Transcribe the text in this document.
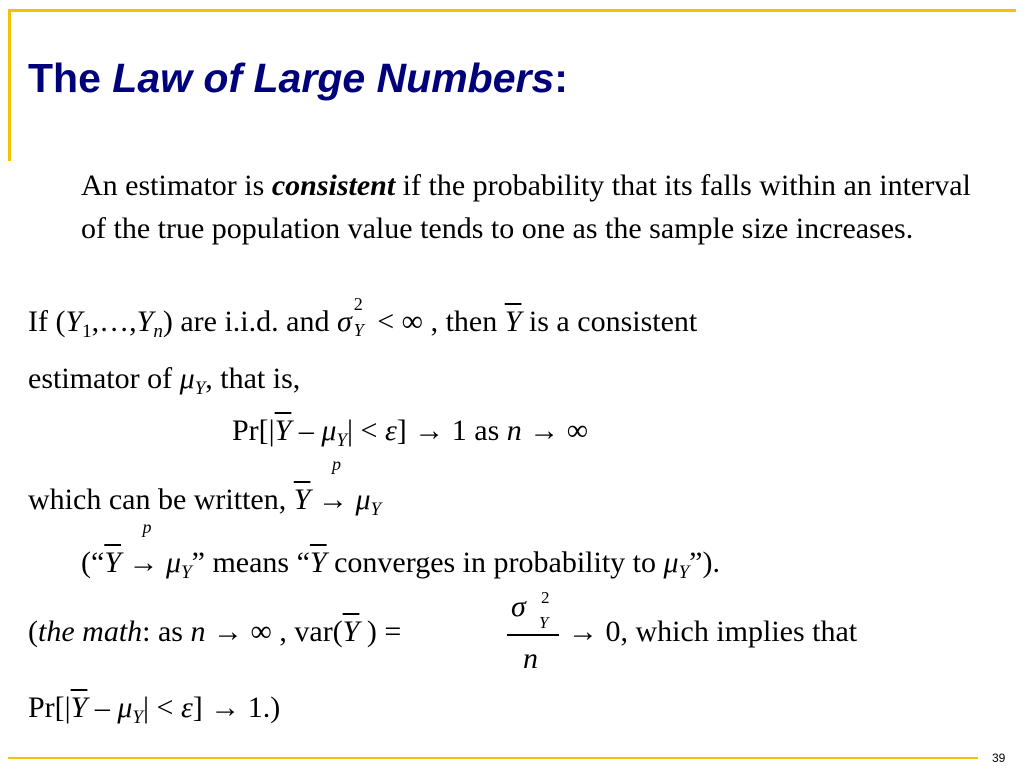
The Law of Large Numbers:
An estimator is consistent if the probability that its falls within an interval of the true population value tends to one as the sample size increases.
If $(Y_1,\dots,Y_n)$ are i.i.d. and σ
2
Y < ∞ , then $\overline{Y}$ is a consistent
estimator of $\mu_Y$, that is,
$Pr[|\overline{Y} - \mu_Y| < \varepsilon] \to 1$ as n → ∞
which can be written, $\overline{Y}$
p
→ $\mu_Y$
(“$\overline{Y}$
p
→ $\mu_Y$” means “$\overline{Y}$ converges in probability to $\mu_Y$”).
(the math: as n → ∞ , $var(\overline{Y}$ ) =
σ 2
Y
n
→ 0, which implies that
$Pr[|\overline{Y} - \mu_Y| < \varepsilon] \to 1$.)
39
